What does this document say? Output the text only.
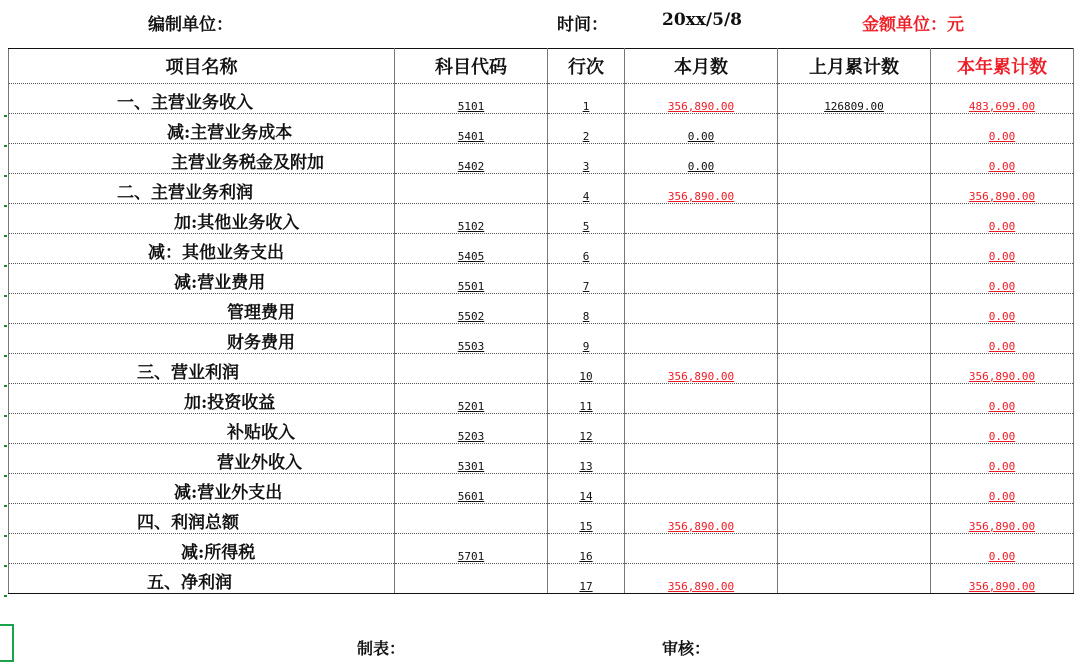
编制单位：	时间：	20xx/5/8	金额单位：元
项目名称	科目代码	行次	本月数	上月累计数	本年累计数
一、主营业务收入	5101	1	356,890.00	126809.00	483,699.00
减:主营业务成本	5401	2	0.00		0.00
主营业务税金及附加	5402	3	0.00		0.00
二、主营业务利润		4	356,890.00		356,890.00
加:其他业务收入	5102	5			0.00
减：其他业务支出	5405	6			0.00
减:营业费用	5501	7			0.00
管理费用	5502	8			0.00
财务费用	5503	9			0.00
三、营业利润		10	356,890.00		356,890.00
加:投资收益	5201	11			0.00
补贴收入	5203	12			0.00
营业外收入	5301	13			0.00
减:营业外支出	5601	14			0.00
四、利润总额		15	356,890.00		356,890.00
减:所得税	5701	16			0.00
五、净利润		17	356,890.00		356,890.00
制表：	审核：
